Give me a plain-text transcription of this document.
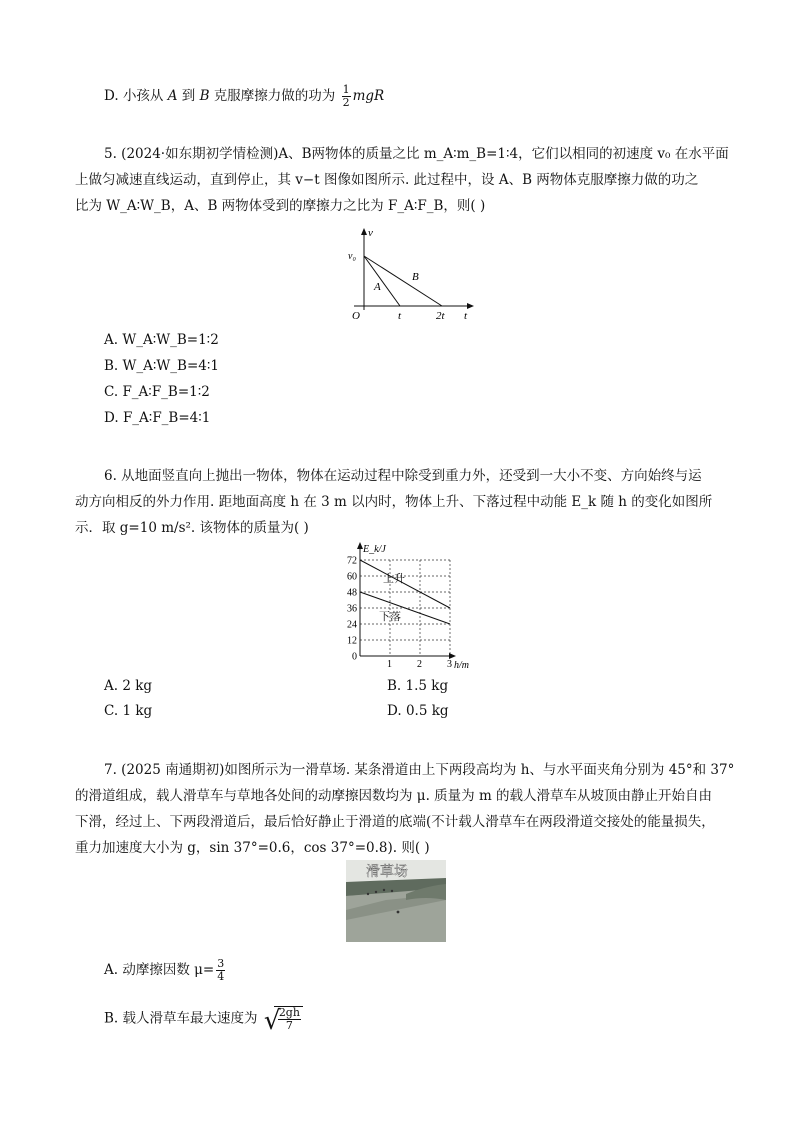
D. 小孩从 A 到 B 克服摩擦力做的功为 $\frac{1}{2}$ mgR
5. (2024·如东期初学情检测)A、B两物体的质量之比 m_A∶m_B=1∶4，它们以相同的初速度 v₀ 在水平面
上做匀减速直线运动，直到停止，其 v−t 图像如图所示. 此过程中，设 A、B 两物体克服摩擦力做的功之
比为 W_A∶W_B，A、B 两物体受到的摩擦力之比为 F_A∶F_B，则( )
v
v₀
O	t	2t t
A
B
A. W_A∶W_B=1∶2
B. W_A∶W_B=4∶1
C. F_A∶F_B=1∶2
D. F_A∶F_B=4∶1
6. 从地面竖直向上抛出一物体，物体在运动过程中除受到重力外，还受到一大小不变、方向始终与运
动方向相反的外力作用. 距地面高度 h 在 3 m 以内时，物体上升、下落过程中动能 E_k 随 h 的变化如图所
示．取 g=10 m/s². 该物体的质量为( )
72
60
48
36
24
12
0
1	2	3
上升
下落
E_k/J
h/m
A. 2 kg	B. 1.5 kg
C. 1 kg	D. 0.5 kg
7. (2025 南通期初)如图所示为一滑草场. 某条滑道由上下两段高均为 h、与水平面夹角分别为 45°和 37°
的滑道组成，载人滑草车与草地各处间的动摩擦因数均为 μ. 质量为 m 的载人滑草车从坡顶由静止开始自由
下滑，经过上、下两段滑道后，最后恰好静止于滑道的底端(不计载人滑草车在两段滑道交接处的能量损失，
重力加速度大小为 g，sin 37°=0.6，cos 37°=0.8). 则( )
滑草场
A. 动摩擦因数 $\mu= \frac{3}{4}$
B. 载人滑草车最大速度为 √
$\frac{2gh}{7}$
